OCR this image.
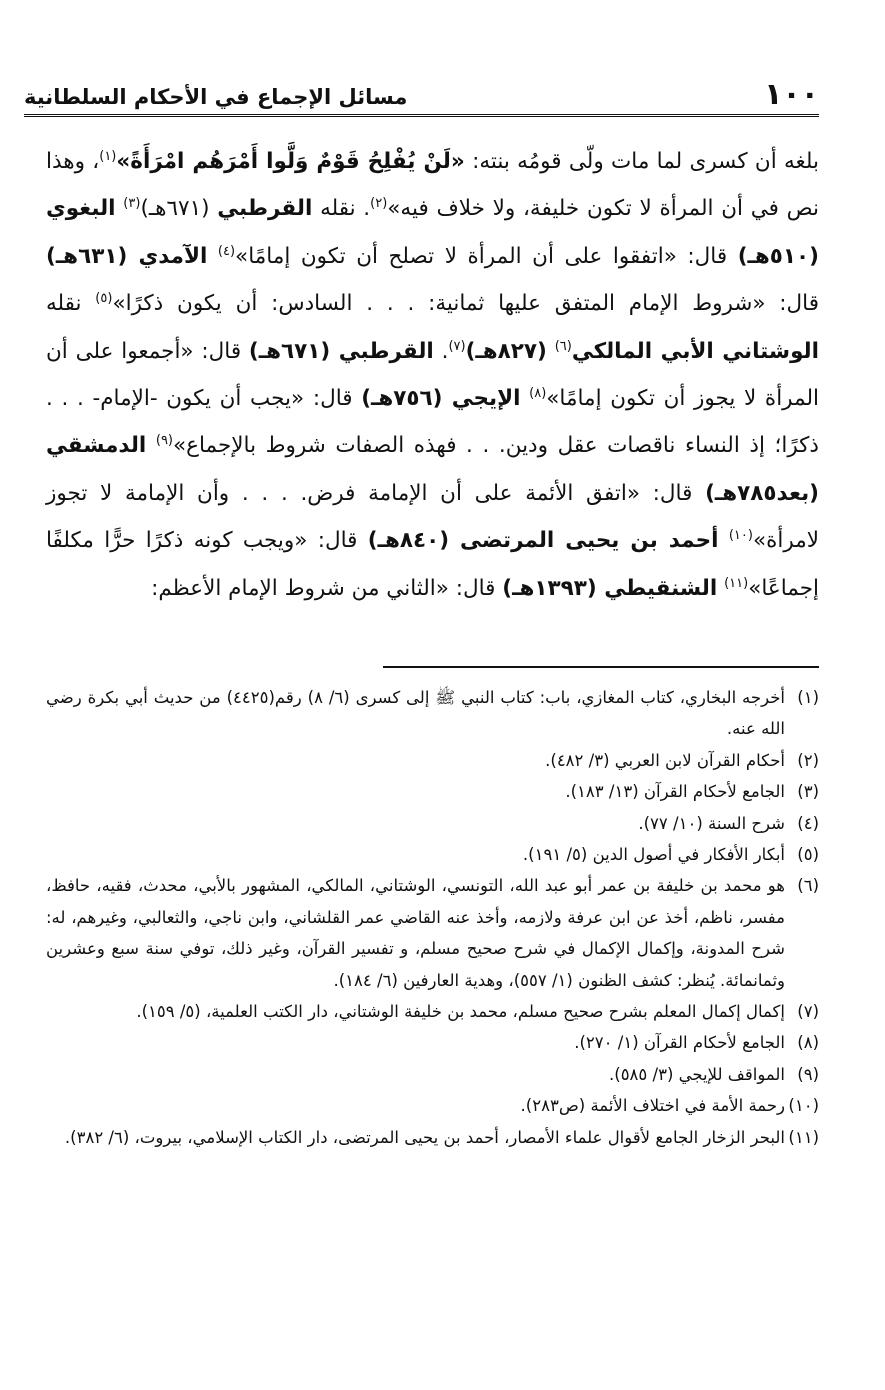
١٠٠
مسائل الإجماع في الأحكام السلطانية

بلغه أن كسرى لما مات ولّى قومُه بنته: «لَنْ يُفْلِحُ قَوْمٌ وَلَّوا أَمْرَهُم امْرَأَةً»$^{(١)}$، وهذا نص في أن المرأة لا تكون خليفة، ولا خلاف فيه»$^{(٢)}$. نقله القرطبي (٦٧١هـ)$^{(٣)}$ البغوي (٥١٠هـ) قال: «اتفقوا على أن المرأة لا تصلح أن تكون إمامًا»$^{(٤)}$ الآمدي (٦٣١هـ) قال: «شروط الإمام المتفق عليها ثمانية: . . . السادس: أن يكون ذكرًا»$^{(٥)}$ نقله الوشتاني الأبي المالكي$^{(٦)}$ (٨٢٧هـ)$^{(٧)}$. القرطبي (٦٧١هـ) قال: «أجمعوا على أن المرأة لا يجوز أن تكون إمامًا»$^{(٨)}$ الإيجي (٧٥٦هـ) قال: «يجب أن يكون -الإمام- . . . ذكرًا؛ إذ النساء ناقصات عقل ودين. . . فهذه الصفات شروط بالإجماع»$^{(٩)}$ الدمشقي (بعد٧٨٥هـ) قال: «اتفق الأئمة على أن الإمامة فرض. . . . وأن الإمامة لا تجوز لامرأة»$^{(١٠)}$ أحمد بن يحيى المرتضى (٨٤٠هـ) قال: «ويجب كونه ذكرًا حرًّا مكلفًا إجماعًا»$^{(١١)}$ الشنقيطي (١٣٩٣هـ) قال: «الثاني من شروط الإمام الأعظم:

(١)
أخرجه البخاري، كتاب المغازي، باب: كتاب النبي ﷺ إلى كسرى (٦/ ٨) رقم(٤٤٢٥) من حديث أبي بكرة رضي الله عنه.
(٢)
أحكام القرآن لابن العربي (٣/ ٤٨٢).
(٣)
الجامع لأحكام القرآن (١٣/ ١٨٣).
(٤)
شرح السنة (١٠/ ٧٧).
(٥)
أبكار الأفكار في أصول الدين (٥/ ١٩١).
(٦)
هو محمد بن خليفة بن عمر أبو عبد الله، التونسي، الوشتاني، المالكي، المشهور بالأبي، محدث، فقيه، حافظ، مفسر، ناظم، أخذ عن ابن عرفة ولازمه، وأخذ عنه القاضي عمر القلشاني، وابن ناجي، والثعالبي، وغيرهم، له: شرح المدونة، وإكمال الإكمال في شرح صحيح مسلم، و تفسير القرآن، وغير ذلك، توفي سنة سبع وعشرين وثمانمائة. يُنظر: كشف الظنون (١/ ٥٥٧)، وهدية العارفين (٦/ ١٨٤).
(٧)
إكمال إكمال المعلم بشرح صحيح مسلم، محمد بن خليفة الوشتاني، دار الكتب العلمية، (٥/ ١٥٩).
(٨)
الجامع لأحكام القرآن (١/ ٢٧٠).
(٩)
المواقف للإيجي (٣/ ٥٨٥).
(١٠)
رحمة الأمة في اختلاف الأئمة (ص٢٨٣).
(١١)
البحر الزخار الجامع لأقوال علماء الأمصار، أحمد بن يحيى المرتضى، دار الكتاب الإسلامي، بيروت، (٦/ ٣٨٢).
